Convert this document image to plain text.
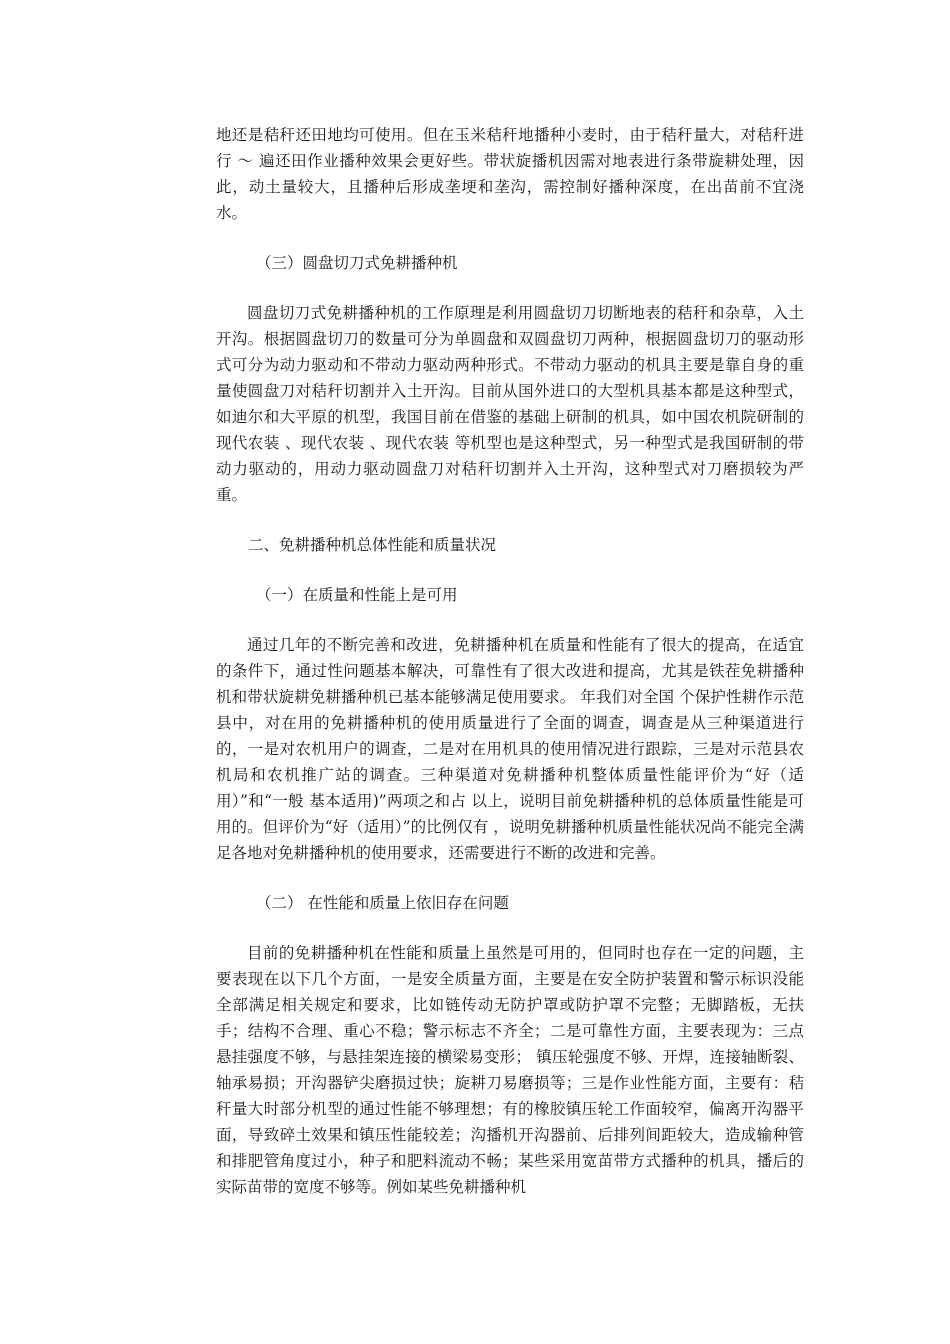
地还是秸秆还田地均可使用。但在玉米秸秆地播种小麦时，由于秸秆量大，对秸秆进行 ～ 遍还田作业播种效果会更好些。带状旋播机因需对地表进行条带旋耕处理，因此，动土量较大，且播种后形成垄埂和垄沟，需控制好播种深度，在出苗前不宜浇水。

（三）圆盘切刀式免耕播种机

圆盘切刀式免耕播种机的工作原理是利用圆盘切刀切断地表的秸秆和杂草，入土开沟。根据圆盘切刀的数量可分为单圆盘和双圆盘切刀两种，根据圆盘切刀的驱动形式可分为动力驱动和不带动力驱动两种形式。不带动力驱动的机具主要是靠自身的重量使圆盘刀对秸秆切割并入土开沟。目前从国外进口的大型机具基本都是这种型式，如迪尔和大平原的机型，我国目前在借鉴的基础上研制的机具，如中国农机院研制的现代农装 、现代农装 、现代农装 等机型也是这种型式，另一种型式是我国研制的带动力驱动的，用动力驱动圆盘刀对秸秆切割并入土开沟，这种型式对刀磨损较为严重。

二、免耕播种机总体性能和质量状况

（一）在质量和性能上是可用

通过几年的不断完善和改进，免耕播种机在质量和性能有了很大的提高，在适宜的条件下，通过性问题基本解决，可靠性有了很大改进和提高，尤其是铁茬免耕播种机和带状旋耕免耕播种机已基本能够满足使用要求。 年我们对全国 个保护性耕作示范县中，对在用的免耕播种机的使用质量进行了全面的调查，调查是从三种渠道进行的，一是对农机用户的调查，二是对在用机具的使用情况进行跟踪，三是对示范县农机局和农机推广站的调查。三种渠道对免耕播种机整体质量性能评价为“好（适用）”和“一般 基本适用)”两项之和占 以上，说明目前免耕播种机的总体质量性能是可用的。但评价为“好（适用）”的比例仅有 ，说明免耕播种机质量性能状况尚不能完全满足各地对免耕播种机的使用要求，还需要进行不断的改进和完善。

（二） 在性能和质量上依旧存在问题

目前的免耕播种机在性能和质量上虽然是可用的，但同时也存在一定的问题，主要表现在以下几个方面，一是安全质量方面，主要是在安全防护装置和警示标识没能全部满足相关规定和要求，比如链传动无防护罩或防护罩不完整；无脚踏板，无扶手；结构不合理、重心不稳；警示标志不齐全；二是可靠性方面，主要表现为：三点悬挂强度不够，与悬挂架连接的横梁易变形； 镇压轮强度不够、开焊，连接轴断裂、轴承易损；开沟器铲尖磨损过快；旋耕刀易磨损等；三是作业性能方面，主要有：秸秆量大时部分机型的通过性能不够理想；有的橡胶镇压轮工作面较窄，偏离开沟器平面，导致碎土效果和镇压性能较差；沟播机开沟器前、后排列间距较大，造成输种管和排肥管角度过小，种子和肥料流动不畅；某些采用宽苗带方式播种的机具，播后的实际苗带的宽度不够等。例如某些免耕播种机
